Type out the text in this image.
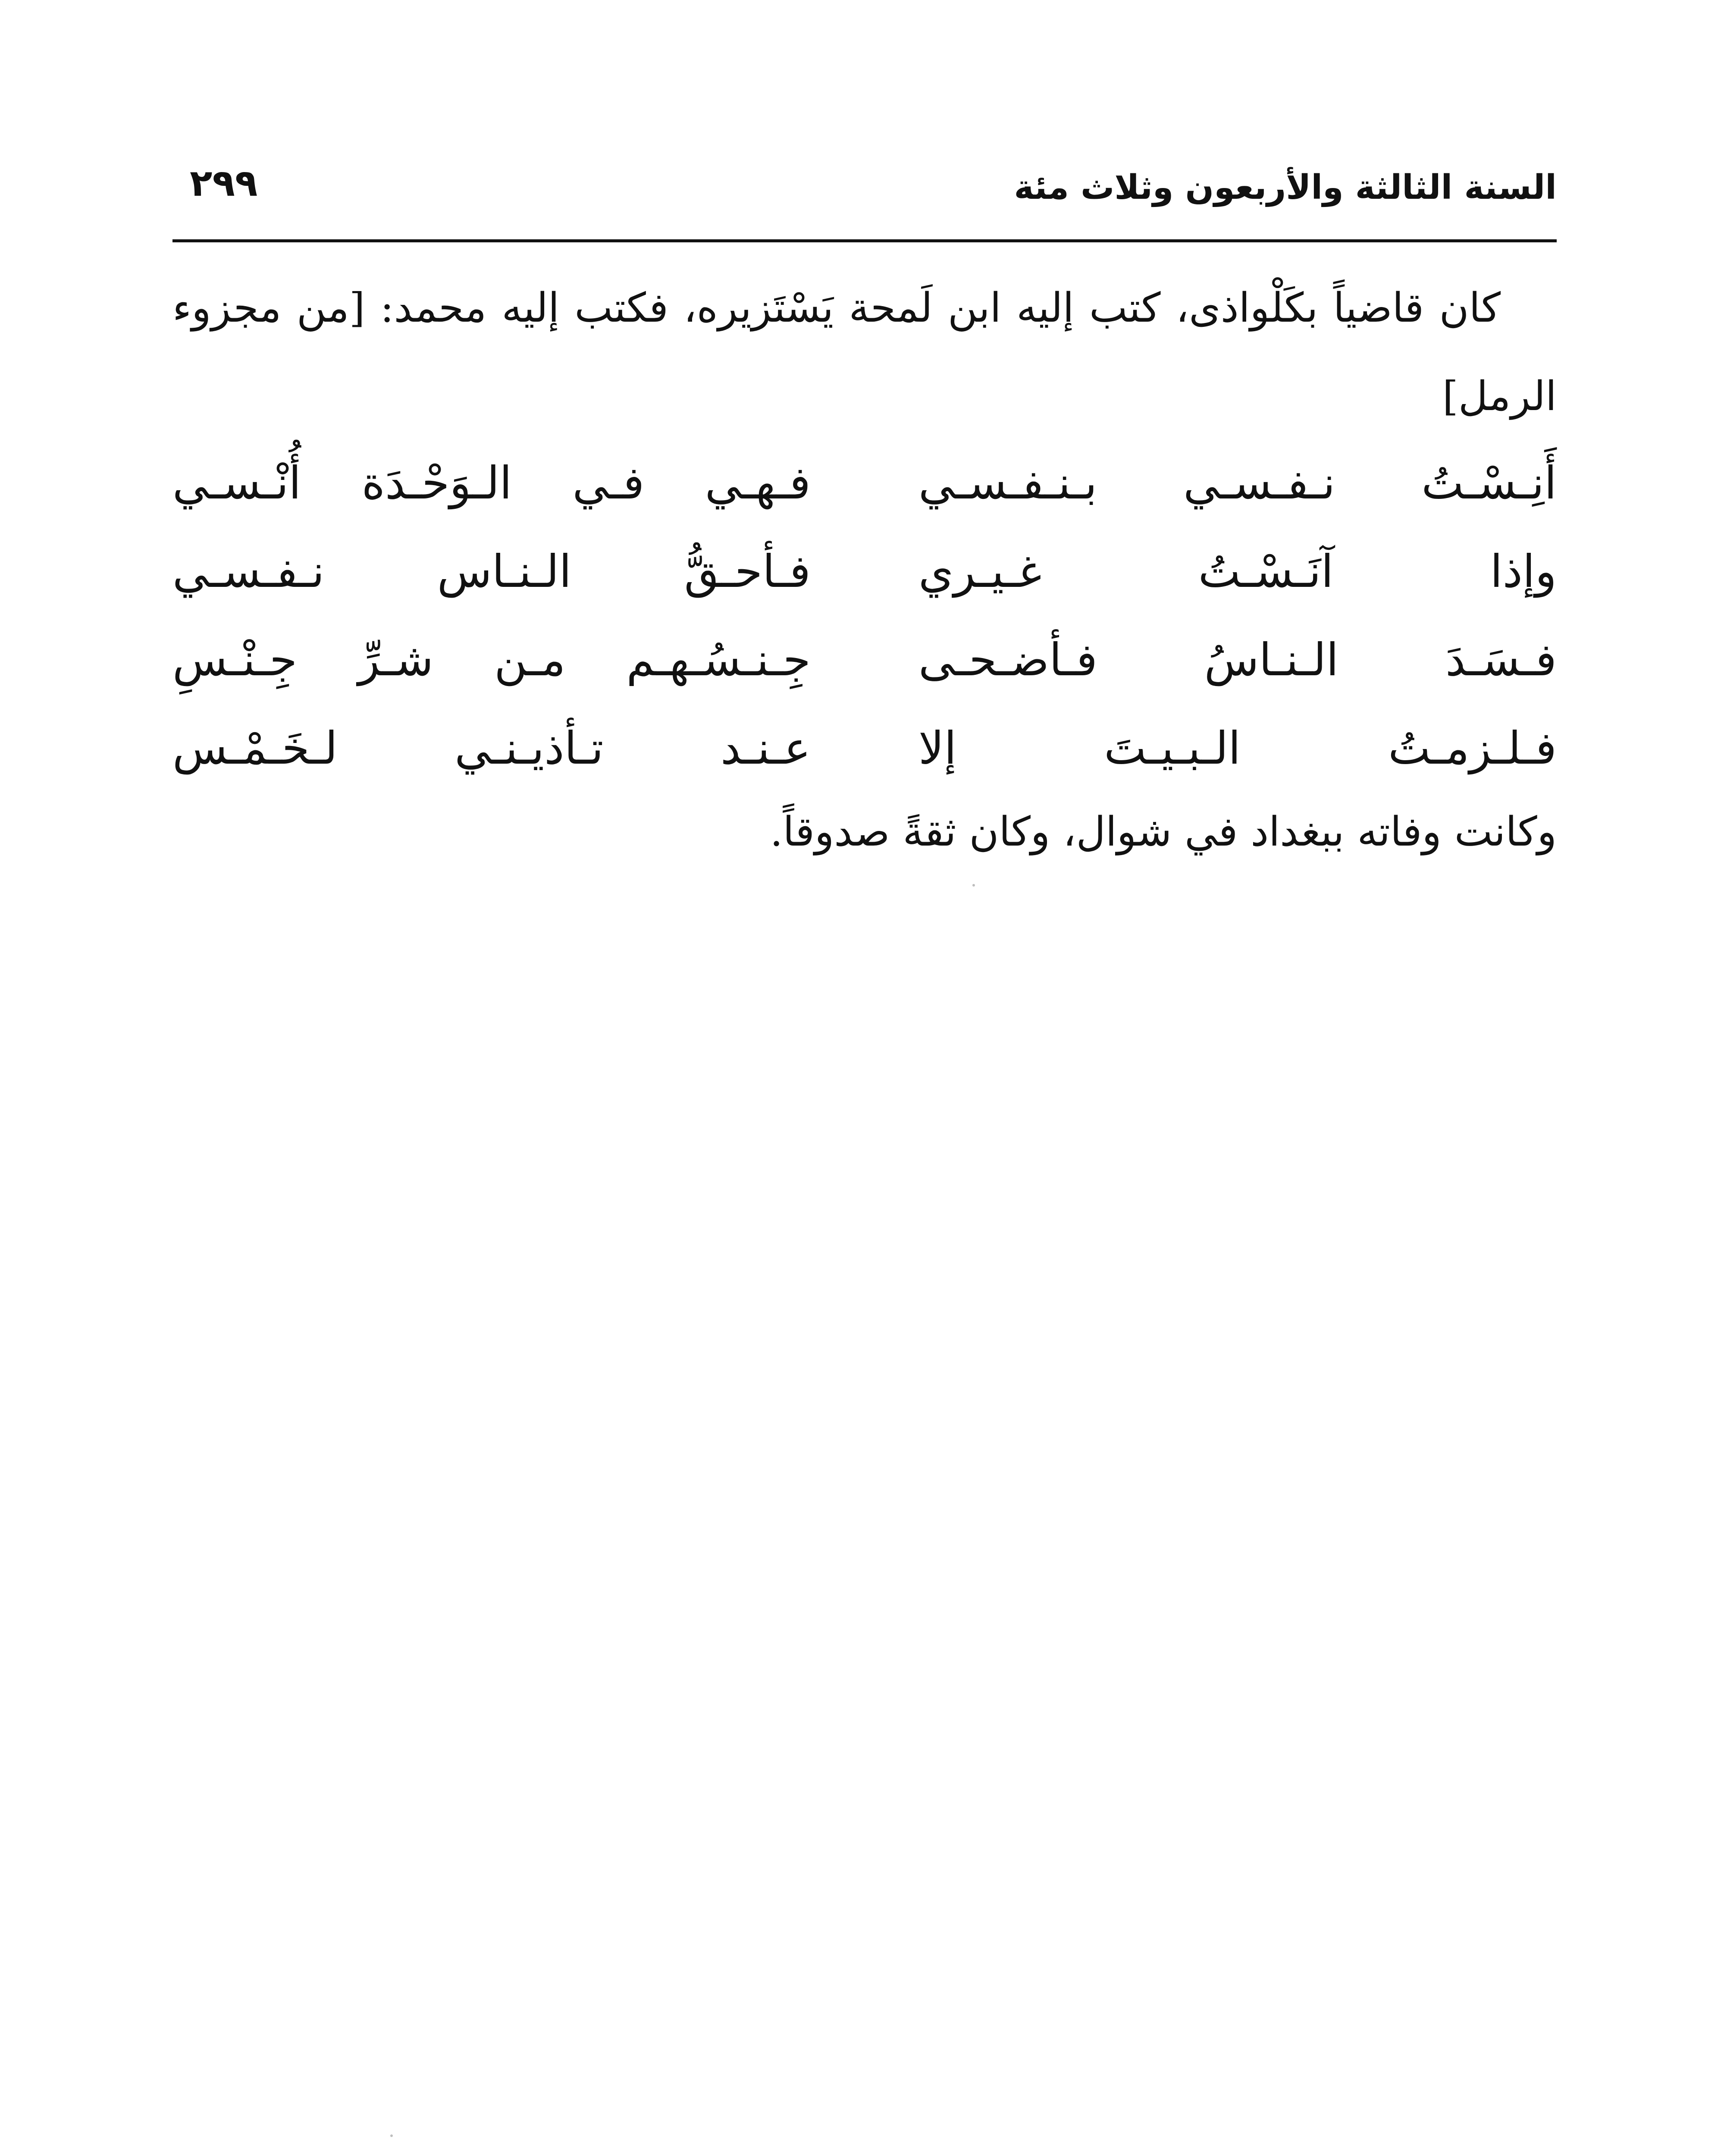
السنة الثالثة والأربعون وثلاث مئة
٢٩٩
كان قاضياً بكَلْواذى، كتب إليه ابن لَمحة يَسْتَزيره، فكتب إليه محمد: [من مجزوء
الرمل]
أَنِـسْـتُ نـفـسـي بـنـفـسـي
فـهـي فـي الـوَحْـدَة أُنْـسـي
وإذا آنَـسْـتُ غـيـري
فـأحـقُّ الـنـاس نـفـسـي
فـسَـدَ الـنـاسُ فـأضـحـى
جِـنـسُـهـم مـن شـرِّ جِـنْـسِ
فـلـزمـتُ الـبـيـتَ إلا
عـنـد تـأذيـنـي لـخَـمْـس
وكانت وفاته ببغداد في شوال، وكان ثقةً صدوقاً.
